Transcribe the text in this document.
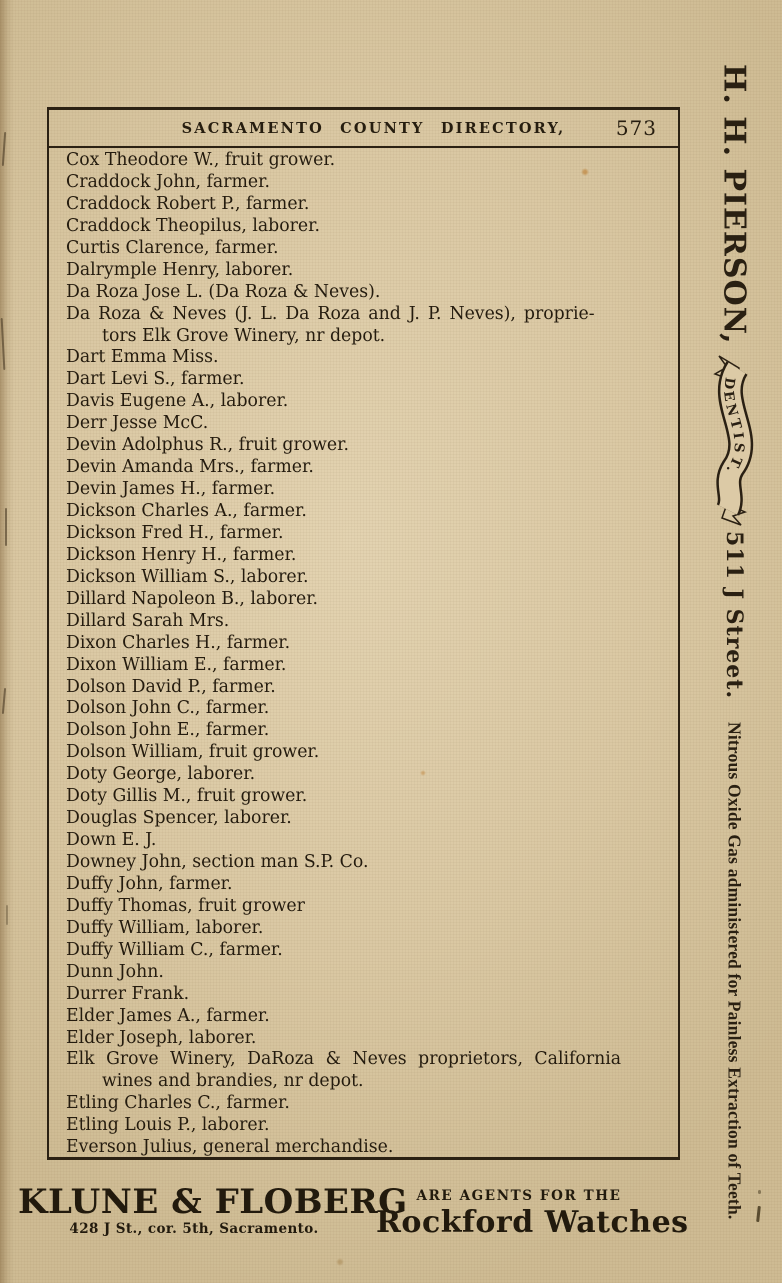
SACRAMENTO COUNTY DIRECTORY,	573
Cox Theodore W., fruit grower.
Craddock John, farmer.
Craddock Robert P., farmer.
Craddock Theopilus, laborer.
Curtis Clarence, farmer.
Dalrymple Henry, laborer.
Da Roza Jose L. (Da Roza & Neves).
Da Roza & Neves (J. L. Da Roza and J. P. Neves), proprie-
tors Elk Grove Winery, nr depot.
Dart Emma Miss.
Dart Levi S., farmer.
Davis Eugene A., laborer.
Derr Jesse McC.
Devin Adolphus R., fruit grower.
Devin Amanda Mrs., farmer.
Devin James H., farmer.
Dickson Charles A., farmer.
Dickson Fred H., farmer.
Dickson Henry H., farmer.
Dickson William S., laborer.
Dillard Napoleon B., laborer.
Dillard Sarah Mrs.
Dixon Charles H., farmer.
Dixon William E., farmer.
Dolson David P., farmer.
Dolson John C., farmer.
Dolson John E., farmer.
Dolson William, fruit grower.
Doty George, laborer.
Doty Gillis M., fruit grower.
Douglas Spencer, laborer.
Down E. J.
Downey John, section man S.P. Co.
Duffy John, farmer.
Duffy Thomas, fruit grower
Duffy William, laborer.
Duffy William C., farmer.
Dunn John.
Durrer Frank.
Elder James A., farmer.
Elder Joseph, laborer.
Elk Grove Winery, DaRoza & Neves proprietors, California
wines and brandies, nr depot.
Etling Charles C., farmer.
Etling Louis P., laborer.
Everson Julius, general merchandise.
H. H. PIERSON,
DENTIST.
511 J Street.
Nitrous Oxide Gas administered for Painless Extraction of Teeth.
KLUNE & FLOBERG
428 J St., cor. 5th, Sacramento.
ARE AGENTS FOR THE
Rockford Watches
